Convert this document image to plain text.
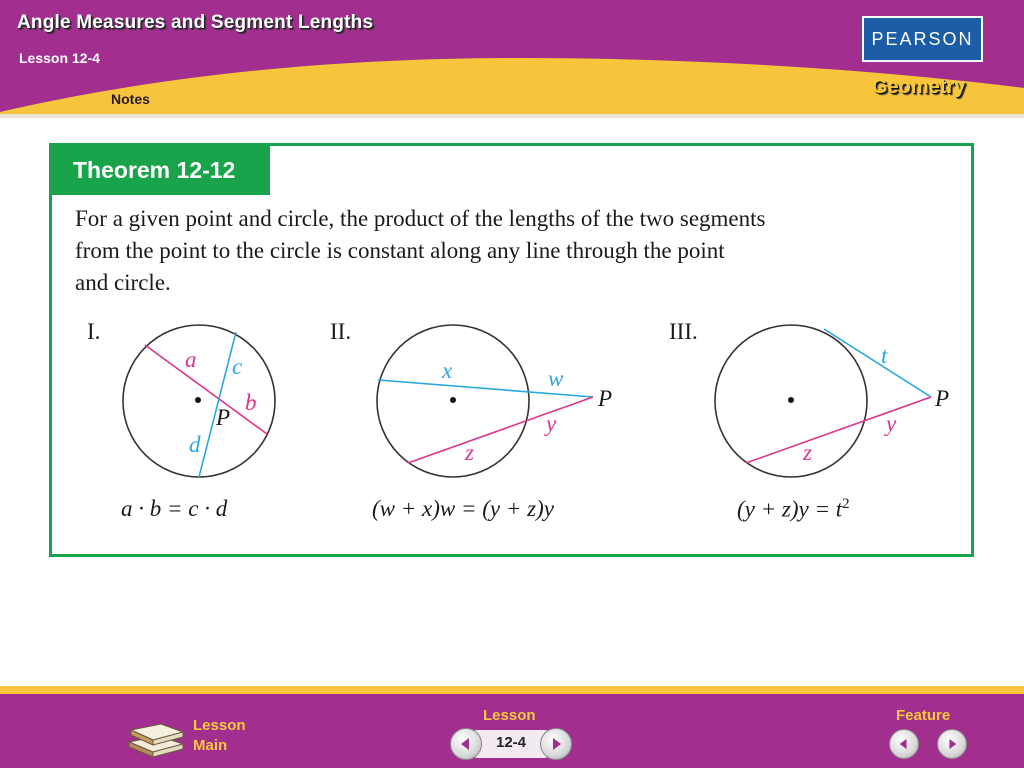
Angle Measures and Segment Lengths
Lesson 12-4
Notes
PEARSON
Geometry
Theorem 12-12
For a given point and circle, the product of the lengths of the two segments
from the point to the circle is constant along any line through the point
and circle.
I.
a c
b
P
d
II.
x	w
P
y
z
III.
t
P
y
z
a · b = c · d	(w + x)w = (y + z)y	$(y + z)y = t^2$
Lesson
Main
Lesson
12-4
Feature
